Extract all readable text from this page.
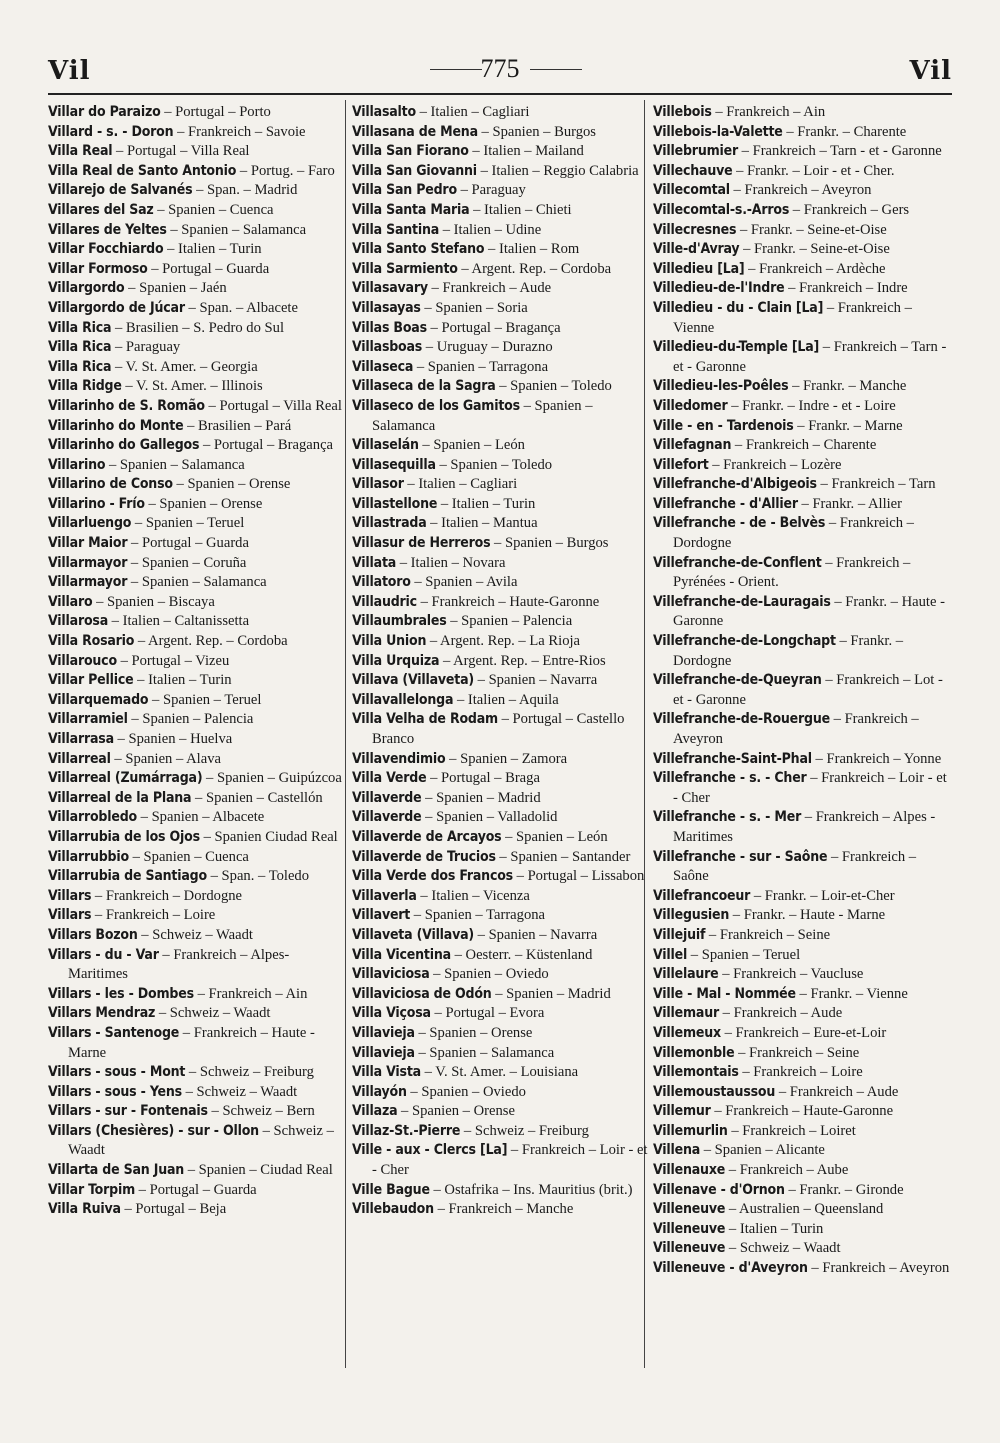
Vil	775	Vil
Villar do Paraizo – Portugal – Porto
Villard - s. - Doron – Frankreich – Savoie
Villa Real – Portugal – Villa Real
Villa Real de Santo Antonio – Portug. – Faro
Villarejo de Salvanés – Span. – Madrid
Villares del Saz – Spanien – Cuenca
Villares de Yeltes – Spanien – Salamanca
Villar Focchiardo – Italien – Turin
Villar Formoso – Portugal – Guarda
Villargordo – Spanien – Jaén
Villargordo de Júcar – Span. – Albacete
Villa Rica – Brasilien – S. Pedro do Sul
Villa Rica – Paraguay
Villa Rica – V. St. Amer. – Georgia
Villa Ridge – V. St. Amer. – Illinois
Villarinho de S. Romão – Portugal – Villa Real
Villarinho do Monte – Brasilien – Pará
Villarinho do Gallegos – Portugal – Bragança
Villarino – Spanien – Salamanca
Villarino de Conso – Spanien – Orense
Villarino - Frío – Spanien – Orense
Villarluengo – Spanien – Teruel
Villar Maior – Portugal – Guarda
Villarmayor – Spanien – Coruña
Villarmayor – Spanien – Salamanca
Villaro – Spanien – Biscaya
Villarosa – Italien – Caltanissetta
Villa Rosario – Argent. Rep. – Cordoba
Villarouco – Portugal – Vizeu
Villar Pellice – Italien – Turin
Villarquemado – Spanien – Teruel
Villarramiel – Spanien – Palencia
Villarrasa – Spanien – Huelva
Villarreal – Spanien – Alava
Villarreal (Zumárraga) – Spanien – Guipúzcoa
Villarreal de la Plana – Spanien – Castellón
Villarrobledo – Spanien – Albacete
Villarrubia de los Ojos – Spanien Ciudad Real
Villarrubbio – Spanien – Cuenca
Villarrubia de Santiago – Span. – Toledo
Villars – Frankreich – Dordogne
Villars – Frankreich – Loire
Villars Bozon – Schweiz – Waadt
Villars - du - Var – Frankreich – Alpes-Maritimes
Villars - les - Dombes – Frankreich – Ain
Villars Mendraz – Schweiz – Waadt
Villars - Santenoge – Frankreich – Haute - Marne
Villars - sous - Mont – Schweiz – Freiburg
Villars - sous - Yens – Schweiz – Waadt
Villars - sur - Fontenais – Schweiz – Bern
Villars (Chesières) - sur - Ollon – Schweiz – Waadt
Villarta de San Juan – Spanien – Ciudad Real
Villar Torpim – Portugal – Guarda
Villa Ruiva – Portugal – Beja
Villasalto – Italien – Cagliari
Villasana de Mena – Spanien – Burgos
Villa San Fiorano – Italien – Mailand
Villa San Giovanni – Italien – Reggio Calabria
Villa San Pedro – Paraguay
Villa Santa Maria – Italien – Chieti
Villa Santina – Italien – Udine
Villa Santo Stefano – Italien – Rom
Villa Sarmiento – Argent. Rep. – Cordoba
Villasavary – Frankreich – Aude
Villasayas – Spanien – Soria
Villas Boas – Portugal – Bragança
Villasboas – Uruguay – Durazno
Villaseca – Spanien – Tarragona
Villaseca de la Sagra – Spanien – Toledo
Villaseco de los Gamitos – Spanien – Salamanca
Villaselán – Spanien – León
Villasequilla – Spanien – Toledo
Villasor – Italien – Cagliari
Villastellone – Italien – Turin
Villastrada – Italien – Mantua
Villasur de Herreros – Spanien – Burgos
Villata – Italien – Novara
Villatoro – Spanien – Avila
Villaudric – Frankreich – Haute-Garonne
Villaumbrales – Spanien – Palencia
Villa Union – Argent. Rep. – La Rioja
Villa Urquiza – Argent. Rep. – Entre-Rios
Villava (Villaveta) – Spanien – Navarra
Villavallelonga – Italien – Aquila
Villa Velha de Rodam – Portugal – Castello Branco
Villavendimio – Spanien – Zamora
Villa Verde – Portugal – Braga
Villaverde – Spanien – Madrid
Villaverde – Spanien – Valladolid
Villaverde de Arcayos – Spanien – León
Villaverde de Trucios – Spanien – Santander
Villa Verde dos Francos – Portugal – Lissabon
Villaverla – Italien – Vicenza
Villavert – Spanien – Tarragona
Villaveta (Villava) – Spanien – Navarra
Villa Vicentina – Oesterr. – Küstenland
Villaviciosa – Spanien – Oviedo
Villaviciosa de Odón – Spanien – Madrid
Villa Viçosa – Portugal – Evora
Villavieja – Spanien – Orense
Villavieja – Spanien – Salamanca
Villa Vista – V. St. Amer. – Louisiana
Villayón – Spanien – Oviedo
Villaza – Spanien – Orense
Villaz-St.-Pierre – Schweiz – Freiburg
Ville - aux - Clercs [La] – Frankreich – Loir - et - Cher
Ville Bague – Ostafrika – Ins. Mauritius (brit.)
Villebaudon – Frankreich – Manche
Villebois – Frankreich – Ain
Villebois-la-Valette – Frankr. – Charente
Villebrumier – Frankreich – Tarn - et - Garonne
Villechauve – Frankr. – Loir - et - Cher.
Villecomtal – Frankreich – Aveyron
Villecomtal-s.-Arros – Frankreich – Gers
Villecresnes – Frankr. – Seine-et-Oise
Ville-d'Avray – Frankr. – Seine-et-Oise
Villedieu [La] – Frankreich – Ardèche
Villedieu-de-l'Indre – Frankreich – Indre
Villedieu - du - Clain [La] – Frankreich – Vienne
Villedieu-du-Temple [La] – Frankreich – Tarn - et - Garonne
Villedieu-les-Poêles – Frankr. – Manche
Villedomer – Frankr. – Indre - et - Loire
Ville - en - Tardenois – Frankr. – Marne
Villefagnan – Frankreich – Charente
Villefort – Frankreich – Lozère
Villefranche-d'Albigeois – Frankreich – Tarn
Villefranche - d'Allier – Frankr. – Allier
Villefranche - de - Belvès – Frankreich – Dordogne
Villefranche-de-Conflent – Frankreich – Pyrénées - Orient.
Villefranche-de-Lauragais – Frankr. – Haute - Garonne
Villefranche-de-Longchapt – Frankr. – Dordogne
Villefranche-de-Queyran – Frankreich – Lot - et - Garonne
Villefranche-de-Rouergue – Frankreich – Aveyron
Villefranche-Saint-Phal – Frankreich – Yonne
Villefranche - s. - Cher – Frankreich – Loir - et - Cher
Villefranche - s. - Mer – Frankreich – Alpes - Maritimes
Villefranche - sur - Saône – Frankreich – Saône
Villefrancoeur – Frankr. – Loir-et-Cher
Villegusien – Frankr. – Haute - Marne
Villejuif – Frankreich – Seine
Villel – Spanien – Teruel
Villelaure – Frankreich – Vaucluse
Ville - Mal - Nommée – Frankr. – Vienne
Villemaur – Frankreich – Aude
Villemeux – Frankreich – Eure-et-Loir
Villemonble – Frankreich – Seine
Villemontais – Frankreich – Loire
Villemoustaussou – Frankreich – Aude
Villemur – Frankreich – Haute-Garonne
Villemurlin – Frankreich – Loiret
Villena – Spanien – Alicante
Villenauxe – Frankreich – Aube
Villenave - d'Ornon – Frankr. – Gironde
Villeneuve – Australien – Queensland
Villeneuve – Italien – Turin
Villeneuve – Schweiz – Waadt
Villeneuve - d'Aveyron – Frankreich – Aveyron
